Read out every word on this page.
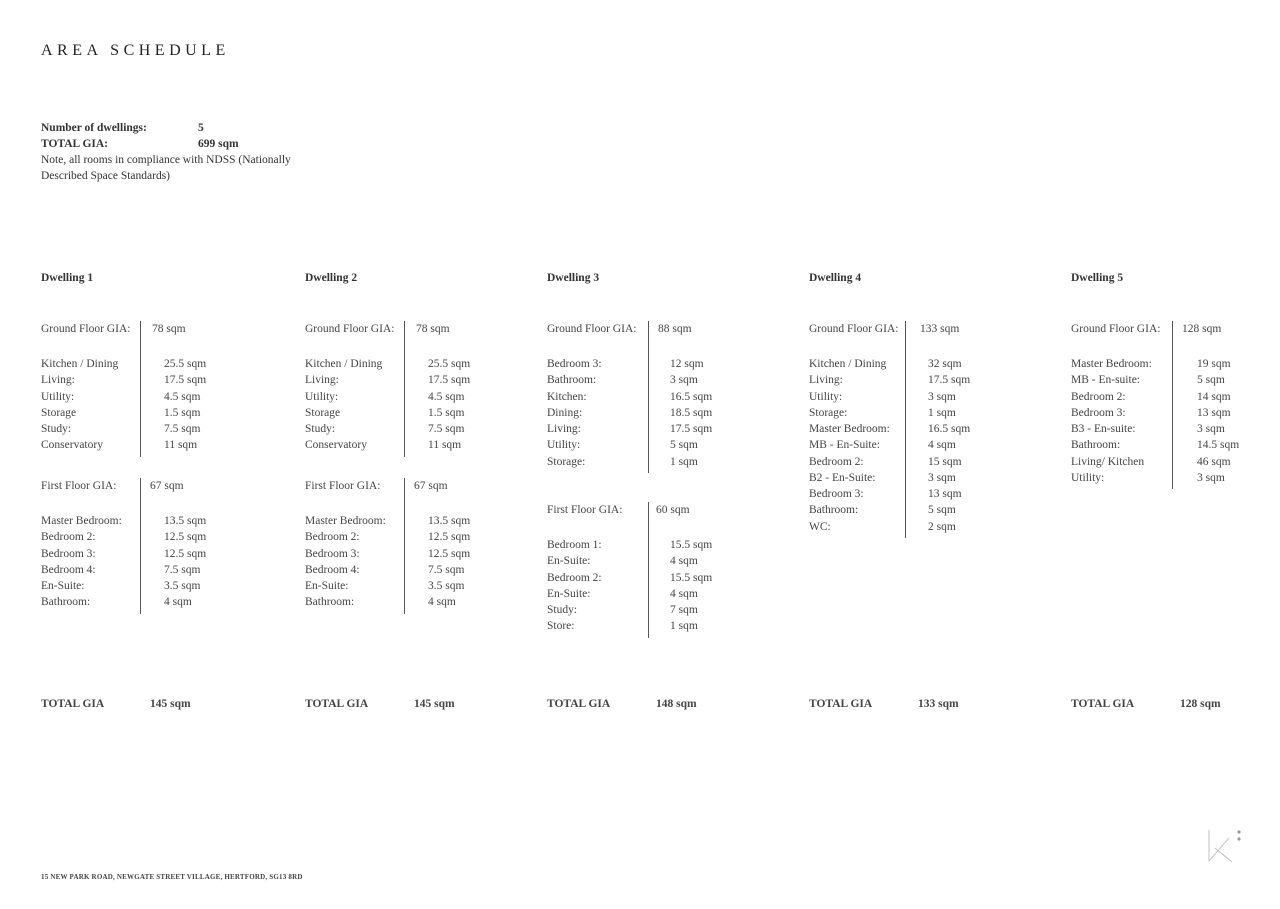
AREA SCHEDULE
Number of dwellings:	5
TOTAL GIA:	699 sqm

Note, all rooms in compliance with NDSS (Nationally Described Space Standards)

Dwelling 1
Ground Floor GIA: 78 sqm
Kitchen / Dining	25.5 sqm
Living:	17.5 sqm
Utility:	4.5 sqm
Storage	1.5 sqm
Study:	7.5 sqm
Conservatory	11 sqm
First Floor GIA:	67 sqm
Master Bedroom:	13.5 sqm
Bedroom 2:	12.5 sqm
Bedroom 3:	12.5 sqm
Bedroom 4:	7.5 sqm
En-Suite:	3.5 sqm
Bathroom:	4 sqm
Dwelling 2
Ground Floor GIA: 78 sqm
Kitchen / Dining	25.5 sqm
Living:	17.5 sqm
Utility:	4.5 sqm
Storage	1.5 sqm
Study:	7.5 sqm
Conservatory	11 sqm
First Floor GIA:	67 sqm
Master Bedroom:	13.5 sqm
Bedroom 2:	12.5 sqm
Bedroom 3:	12.5 sqm
Bedroom 4:	7.5 sqm
En-Suite:	3.5 sqm
Bathroom:	4 sqm
Dwelling 3
Ground Floor GIA: 88 sqm
Bedroom 3:	12 sqm
Bathroom:	3 sqm
Kitchen:	16.5 sqm
Dining:	18.5 sqm
Living:	17.5 sqm
Utility:	5 sqm
Storage:	1 sqm
First Floor GIA:	60 sqm
Bedroom 1:	15.5 sqm
En-Suite:	4 sqm
Bedroom 2:	15.5 sqm
En-Suite:	4 sqm
Study:	7 sqm
Store:	1 sqm
Dwelling 4
Ground Floor GIA: 133 sqm
Kitchen / Dining	32 sqm
Living:	17.5 sqm
Utility:	3 sqm
Storage:	1 sqm
Master Bedroom:	16.5 sqm
MB - En-Suite:	4 sqm
Bedroom 2:	15 sqm
B2 - En-Suite:	3 sqm
Bedroom 3:	13 sqm
Bathroom:	5 sqm
WC:	2 sqm
Dwelling 5
Ground Floor GIA: 128 sqm
Master Bedroom:	19 sqm
MB - En-suite:	5 sqm
Bedroom 2:	14 sqm
Bedroom 3:	13 sqm
B3 - En-suite:	3 sqm
Bathroom:	14.5 sqm
Living/ Kitchen	46 sqm
Utility:	3 sqm
TOTAL GIA	145 sqm	TOTAL GIA	145 sqm	TOTAL GIA	148 sqm	TOTAL GIA	133 sqm	TOTAL GIA	128 sqm
15 NEW PARK ROAD, NEWGATE STREET VILLAGE, HERTFORD, SG13 8RD
